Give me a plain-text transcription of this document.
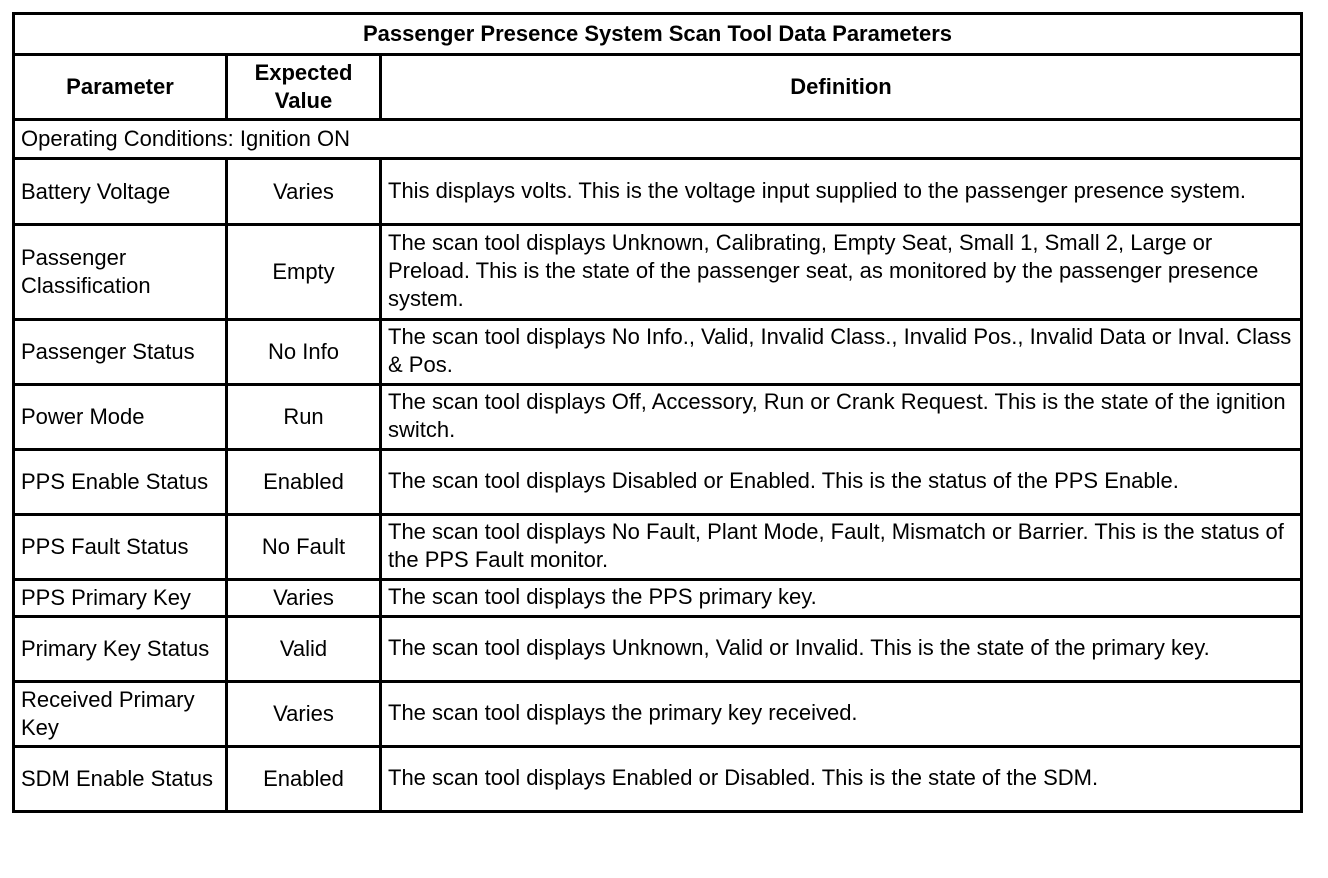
Passenger Presence System Scan Tool Data Parameters		
Parameter	Expected Value	Definition
Operating Conditions: Ignition ON		
Battery Voltage	Varies	This displays volts. This is the voltage input supplied to the passenger presence system.
Passenger Classification	Empty	The scan tool displays Unknown, Calibrating, Empty Seat, Small 1, Small 2, Large or Preload. This is the state of the passenger seat, as monitored by the passenger presence system.
Passenger Status	No Info	The scan tool displays No Info., Valid, Invalid Class., Invalid Pos., Invalid Data or Inval. Class & Pos.
Power Mode	Run	The scan tool displays Off, Accessory, Run or Crank Request. This is the state of the ignition switch.
PPS Enable Status	Enabled	The scan tool displays Disabled or Enabled. This is the status of the PPS Enable.
PPS Fault Status	No Fault	The scan tool displays No Fault, Plant Mode, Fault, Mismatch or Barrier. This is the status of the PPS Fault monitor.
PPS Primary Key	Varies	The scan tool displays the PPS primary key.
Primary Key Status	Valid	The scan tool displays Unknown, Valid or Invalid. This is the state of the primary key.
Received Primary Key	Varies	The scan tool displays the primary key received.
SDM Enable Status	Enabled	The scan tool displays Enabled or Disabled. This is the state of the SDM.
